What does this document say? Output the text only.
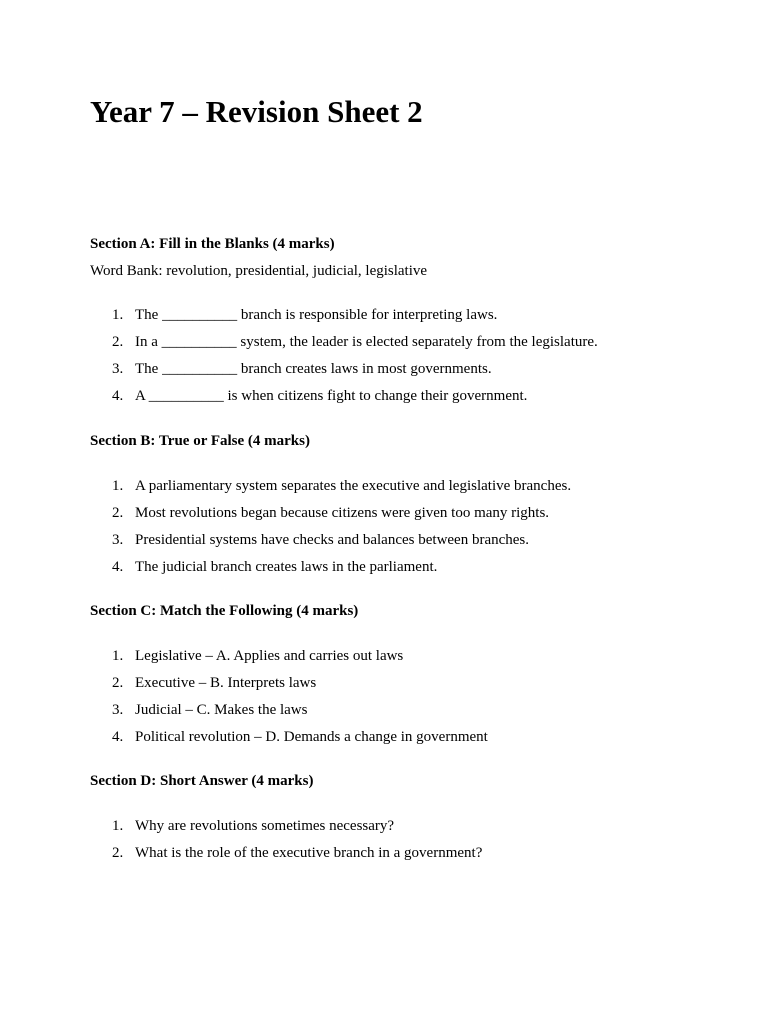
Year 7 – Revision Sheet 2
Section A: Fill in the Blanks (4 marks)

Word Bank: revolution, presidential, judicial, legislative

1. The __________ branch is responsible for interpreting laws.
2. In a __________ system, the leader is elected separately from the legislature.
3. The __________ branch creates laws in most governments.
4. A __________ is when citizens fight to change their government.
Section B: True or False (4 marks)
1. A parliamentary system separates the executive and legislative branches.
2. Most revolutions began because citizens were given too many rights.
3. Presidential systems have checks and balances between branches.
4. The judicial branch creates laws in the parliament.
Section C: Match the Following (4 marks)
1. Legislative – A. Applies and carries out laws
2. Executive – B. Interprets laws
3. Judicial – C. Makes the laws
4. Political revolution – D. Demands a change in government
Section D: Short Answer (4 marks)
1. Why are revolutions sometimes necessary?
2. What is the role of the executive branch in a government?
